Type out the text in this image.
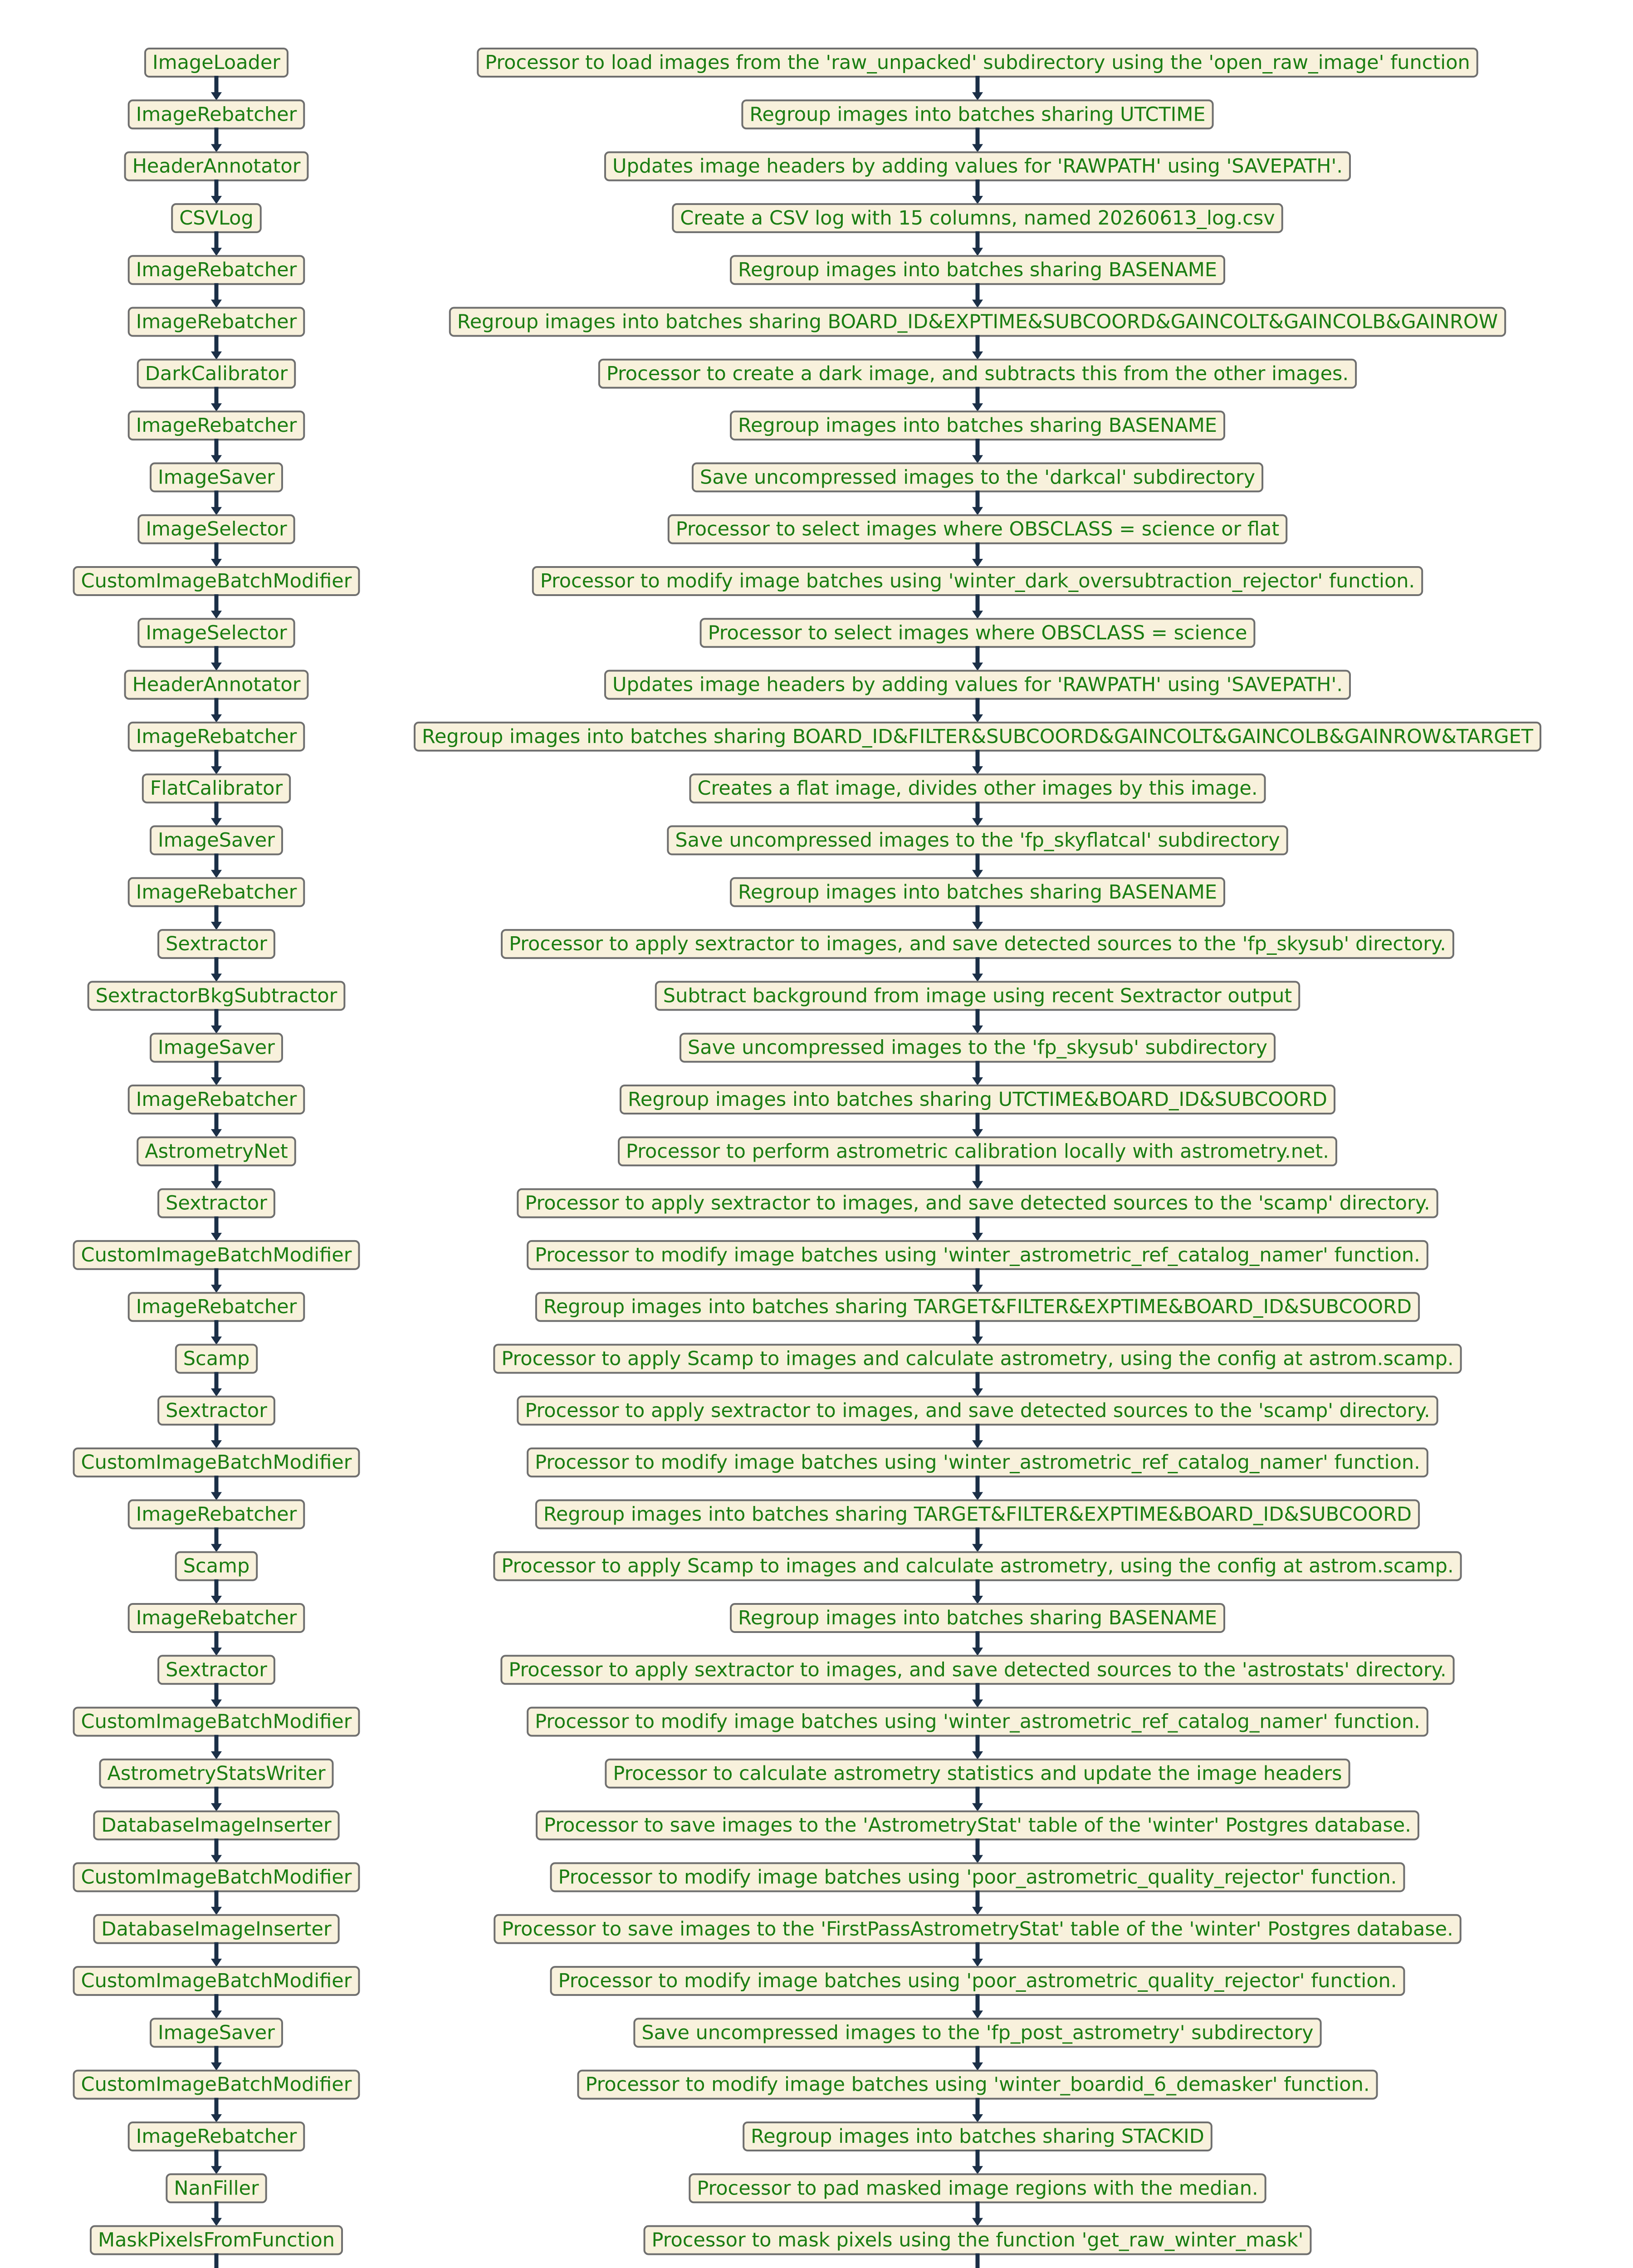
ImageLoader
ImageRebatcher
HeaderAnnotator
CSVLog
ImageRebatcher
ImageRebatcher
DarkCalibrator
ImageRebatcher
ImageSaver
ImageSelector
CustomImageBatchModifier
ImageSelector
HeaderAnnotator
ImageRebatcher
FlatCalibrator
ImageSaver
ImageRebatcher
Sextractor
SextractorBkgSubtractor
ImageSaver
ImageRebatcher
AstrometryNet
Sextractor
CustomImageBatchModifier
ImageRebatcher
Scamp
Sextractor
CustomImageBatchModifier
ImageRebatcher
Scamp
ImageRebatcher
Sextractor
CustomImageBatchModifier
AstrometryStatsWriter
DatabaseImageInserter
CustomImageBatchModifier
DatabaseImageInserter
CustomImageBatchModifier
ImageSaver
CustomImageBatchModifier
ImageRebatcher
NanFiller
MaskPixelsFromFunction
Processor to load images from the 'raw_unpacked' subdirectory using the 'open_raw_image' function
Regroup images into batches sharing UTCTIME
Updates image headers by adding values for 'RAWPATH' using 'SAVEPATH'.
Create a CSV log with 15 columns, named 20260613_log.csv
Regroup images into batches sharing BASENAME
Regroup images into batches sharing BOARD_ID&EXPTIME&SUBCOORD&GAINCOLT&GAINCOLB&GAINROW
Processor to create a dark image, and subtracts this from the other images.
Regroup images into batches sharing BASENAME
Save uncompressed images to the 'darkcal' subdirectory
Processor to select images where OBSCLASS = science or flat
Processor to modify image batches using 'winter_dark_oversubtraction_rejector' function.
Processor to select images where OBSCLASS = science
Updates image headers by adding values for 'RAWPATH' using 'SAVEPATH'.
Regroup images into batches sharing BOARD_ID&FILTER&SUBCOORD&GAINCOLT&GAINCOLB&GAINROW&TARGET
Creates a flat image, divides other images by this image.
Save uncompressed images to the 'fp_skyflatcal' subdirectory
Regroup images into batches sharing BASENAME
Processor to apply sextractor to images, and save detected sources to the 'fp_skysub' directory.
Subtract background from image using recent Sextractor output
Save uncompressed images to the 'fp_skysub' subdirectory
Regroup images into batches sharing UTCTIME&BOARD_ID&SUBCOORD
Processor to perform astrometric calibration locally with astrometry.net.
Processor to apply sextractor to images, and save detected sources to the 'scamp' directory.
Processor to modify image batches using 'winter_astrometric_ref_catalog_namer' function.
Regroup images into batches sharing TARGET&FILTER&EXPTIME&BOARD_ID&SUBCOORD
Processor to apply Scamp to images and calculate astrometry, using the config at astrom.scamp.
Processor to apply sextractor to images, and save detected sources to the 'scamp' directory.
Processor to modify image batches using 'winter_astrometric_ref_catalog_namer' function.
Regroup images into batches sharing TARGET&FILTER&EXPTIME&BOARD_ID&SUBCOORD
Processor to apply Scamp to images and calculate astrometry, using the config at astrom.scamp.
Regroup images into batches sharing BASENAME
Processor to apply sextractor to images, and save detected sources to the 'astrostats' directory.
Processor to modify image batches using 'winter_astrometric_ref_catalog_namer' function.
Processor to calculate astrometry statistics and update the image headers
Processor to save images to the 'AstrometryStat' table of the 'winter' Postgres database.
Processor to modify image batches using 'poor_astrometric_quality_rejector' function.
Processor to save images to the 'FirstPassAstrometryStat' table of the 'winter' Postgres database.
Processor to modify image batches using 'poor_astrometric_quality_rejector' function.
Save uncompressed images to the 'fp_post_astrometry' subdirectory
Processor to modify image batches using 'winter_boardid_6_demasker' function.
Regroup images into batches sharing STACKID
Processor to pad masked image regions with the median.
Processor to mask pixels using the function 'get_raw_winter_mask'
